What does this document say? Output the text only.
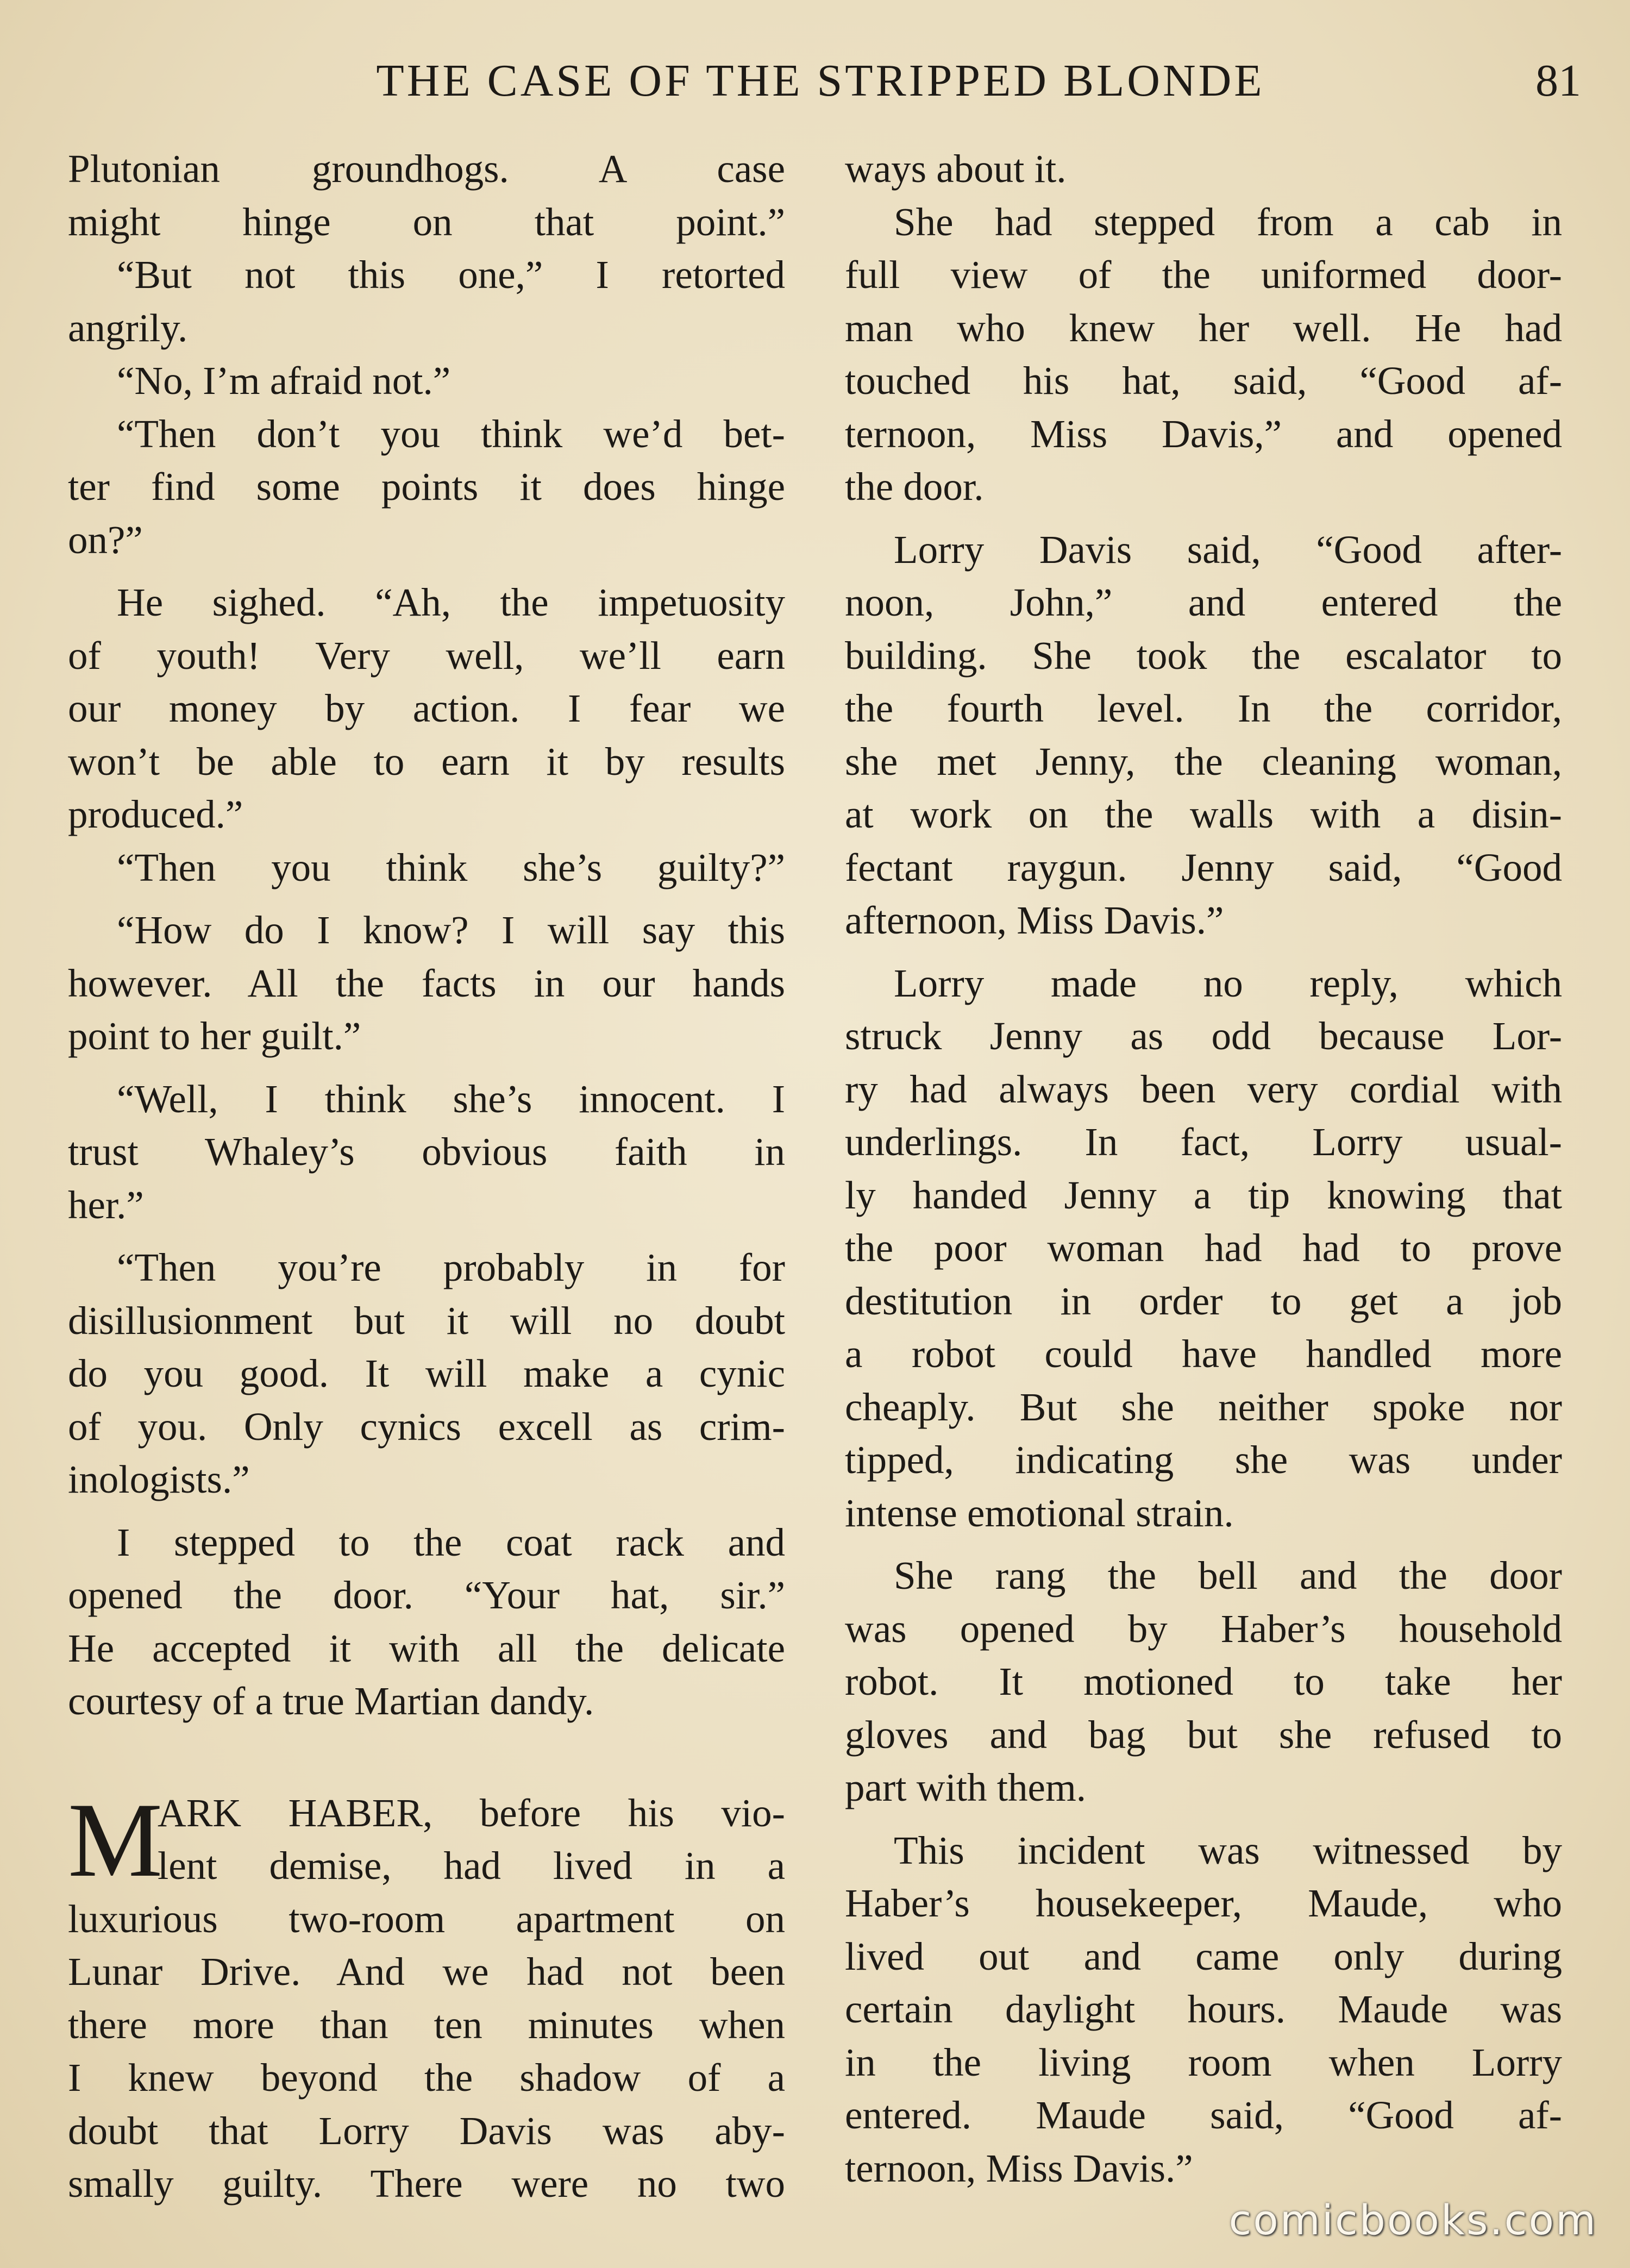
THE CASE OF THE STRIPPED BLONDE	81
Plutonian groundhogs. A case
might hinge on that point.”
“But not this one,” I retorted
angrily.
“No, I’m afraid not.”
“Then don’t you think we’d bet-
ter find some points it does hinge
on?”
He sighed. “Ah, the impetuosity
of youth! Very well, we’ll earn
our money by action. I fear we
won’t be able to earn it by results
produced.”
“Then you think she’s guilty?”
“How do I know? I will say this
however. All the facts in our hands
point to her guilt.”
“Well, I think she’s innocent. I
trust Whaley’s obvious faith in
her.”
“Then you’re probably in for
disillusionment but it will no doubt
do you good. It will make a cynic
of you. Only cynics excell as crim-
inologists.”
I stepped to the coat rack and
opened the door. “Your hat, sir.”
He accepted it with all the delicate
courtesy of a true Martian dandy.
M
ARK HABER, before his vio-
lent demise, had lived in a
luxurious two-room apartment on
Lunar Drive. And we had not been
there more than ten minutes when
I knew beyond the shadow of a
doubt that Lorry Davis was aby-
smally guilty. There were no two
ways about it.
She had stepped from a cab in
full view of the uniformed door-
man who knew her well. He had
touched his hat, said, “Good af-
ternoon, Miss Davis,” and opened
the door.
Lorry Davis said, “Good after-
noon, John,” and entered the
building. She took the escalator to
the fourth level. In the corridor,
she met Jenny, the cleaning woman,
at work on the walls with a disin-
fectant raygun. Jenny said, “Good
afternoon, Miss Davis.”
Lorry made no reply, which
struck Jenny as odd because Lor-
ry had always been very cordial with
underlings. In fact, Lorry usual-
ly handed Jenny a tip knowing that
the poor woman had had to prove
destitution in order to get a job
a robot could have handled more
cheaply. But she neither spoke nor
tipped, indicating she was under
intense emotional strain.
She rang the bell and the door
was opened by Haber’s household
robot. It motioned to take her
gloves and bag but she refused to
part with them.
This incident was witnessed by
Haber’s housekeeper, Maude, who
lived out and came only during
certain daylight hours. Maude was
in the living room when Lorry
entered. Maude said, “Good af-
ternoon, Miss Davis.”
comicbooks.com
